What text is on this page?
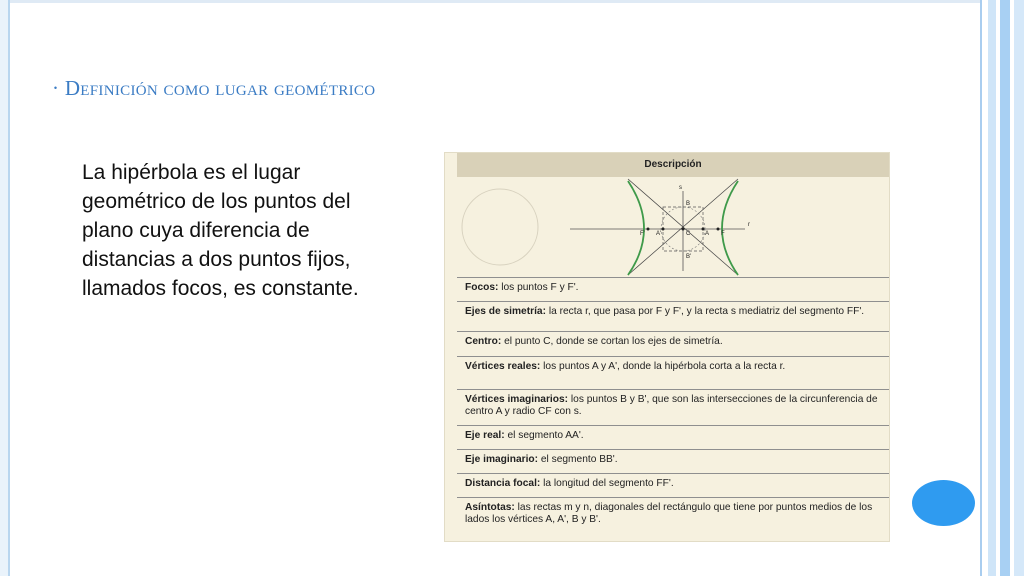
· Definición como lugar geométrico

La hipérbola es el lugar geométrico de los puntos del plano cuya diferencia de distancias a dos puntos fijos, llamados focos, es constante.

Descripción
s
r
B
B'
C
F'	F
A'	A
Focos: los puntos F y F'.
Ejes de simetría: la recta r, que pasa por F y F', y la recta s mediatriz del segmento FF'.
Centro: el punto C, donde se cortan los ejes de simetría.
Vértices reales: los puntos A y A', donde la hipérbola corta a la recta r.
Vértices imaginarios: los puntos B y B', que son las intersecciones de la circunferencia de centro A y radio CF con s.
Eje real: el segmento AA'.
Eje imaginario: el segmento BB'.
Distancia focal: la longitud del segmento FF'.
Asíntotas: las rectas m y n, diagonales del rectángulo que tiene por puntos medios de los lados los vértices A, A', B y B'.
